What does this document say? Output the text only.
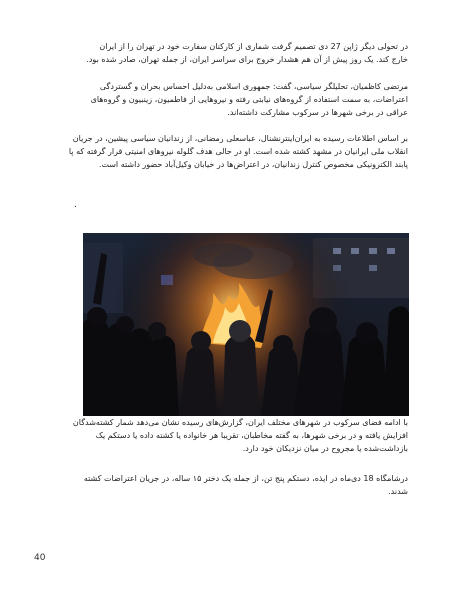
در تحولی دیگر ژاپن 27 دی تصمیم گرفت شماری از کارکنان سفارت خود در تهران را از ایران
خارج کند. یک روز پیش از آن هم هشدار خروج برای سراسر ایران، از جمله تهران، صادر شده بود.
مرتضی کاظمیان، تحلیلگر سیاسی، گفت: جمهوری اسلامی به‌دلیل احساس بحران و گستردگی
اعتراضات، به سمت استفاده از گروه‌های نیابتی رفته و نیروهایی از فاطمیون، زینبیون و گروه‌های
عراقی در برخی شهرها در سرکوب مشارکت داشته‌اند.
بر اساس اطلاعات رسیده به ایران‌اینترنشنال، عباسعلی رمضانی، از زندانیان سیاسی پیشین، در جریان
انقلاب ملی ایرانیان در مشهد کشته شده است. او در حالی هدف گلوله نیروهای امنیتی قرار گرفته که پا
پابند الکترونیکی مخصوص کنترل زندانیان، در اعتراض‌ها در خیابان وکیل‌آباد حضور داشته است.
.
با ادامه فضای سرکوب در شهرهای مختلف ایران، گزارش‌های رسیده نشان می‌دهد شمار کشته‌شدگان
افزایش یافته و در برخی شهرها، به گفته مخاطبان، تقریبا هر خانواده یا کشته داده یا دستکم یک
بازداشت‌شده یا مجروح در میان نزدیکان خود دارد.
درشامگاه 18 دی‌ماه در ایذه، دستکم پنج تن، از جمله یک دختر ۱۵ ساله، در جریان اعتراضات کشته
شدند.
40
